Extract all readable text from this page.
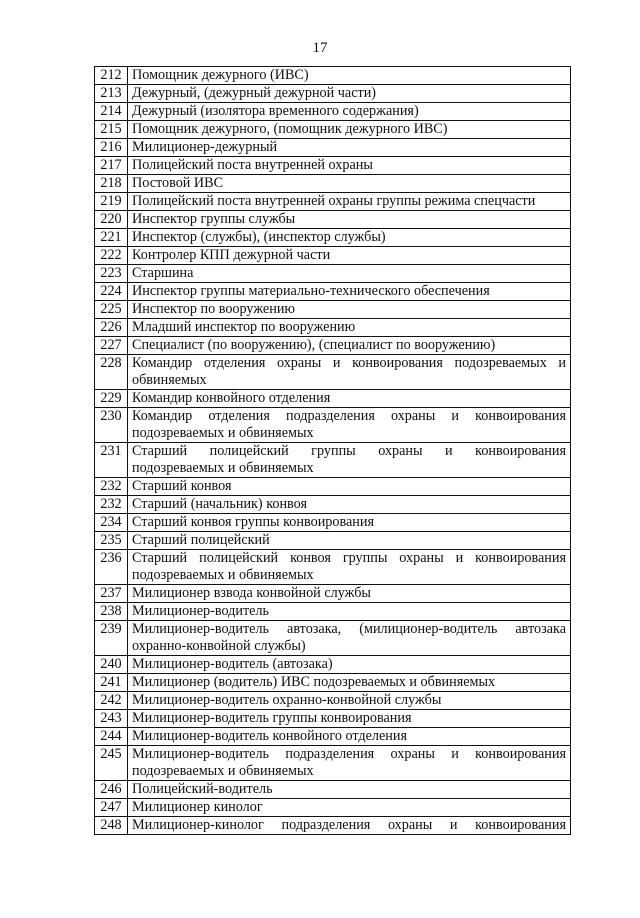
17
212	Помощник дежурного (ИВС)
213	Дежурный, (дежурный дежурной части)
214	Дежурный (изолятора временного содержания)
215	Помощник дежурного, (помощник дежурного ИВС)
216	Милиционер-дежурный
217	Полицейский поста внутренней охраны
218	Постовой ИВС
219	Полицейский поста внутренней охраны группы режима спецчасти
220	Инспектор группы службы
221	Инспектор (службы), (инспектор службы)
222	Контролер КПП дежурной части
223	Старшина
224	Инспектор группы материально-технического обеспечения
225	Инспектор по вооружению
226	Младший инспектор по вооружению
227	Специалист (по вооружению), (специалист по вооружению)
228	Командир отделения охраны и конвоирования подозреваемых и обвиняемых
229	Командир конвойного отделения
230	Командир отделения подразделения охраны и конвоирования подозреваемых и обвиняемых
231	Старший полицейский группы охраны и конвоирования подозреваемых и обвиняемых
232	Старший конвоя
232	Старший (начальник) конвоя
234	Старший конвоя группы конвоирования
235	Старший полицейский
236	Старший полицейский конвоя группы охраны и конвоирования подозреваемых и обвиняемых
237	Милиционер взвода конвойной службы
238	Милиционер-водитель
239	Милиционер-водитель автозака, (милиционер-водитель автозака охранно-конвойной службы)
240	Милиционер-водитель (автозака)
241	Милиционер (водитель) ИВС подозреваемых и обвиняемых
242	Милиционер-водитель охранно-конвойной службы
243	Милиционер-водитель группы конвоирования
244	Милиционер-водитель конвойного отделения
245	Милиционер-водитель подразделения охраны и конвоирования подозреваемых и обвиняемых
246	Полицейский-водитель
247	Милиционер кинолог
248	Милиционер-кинолог подразделения охраны и конвоирования
